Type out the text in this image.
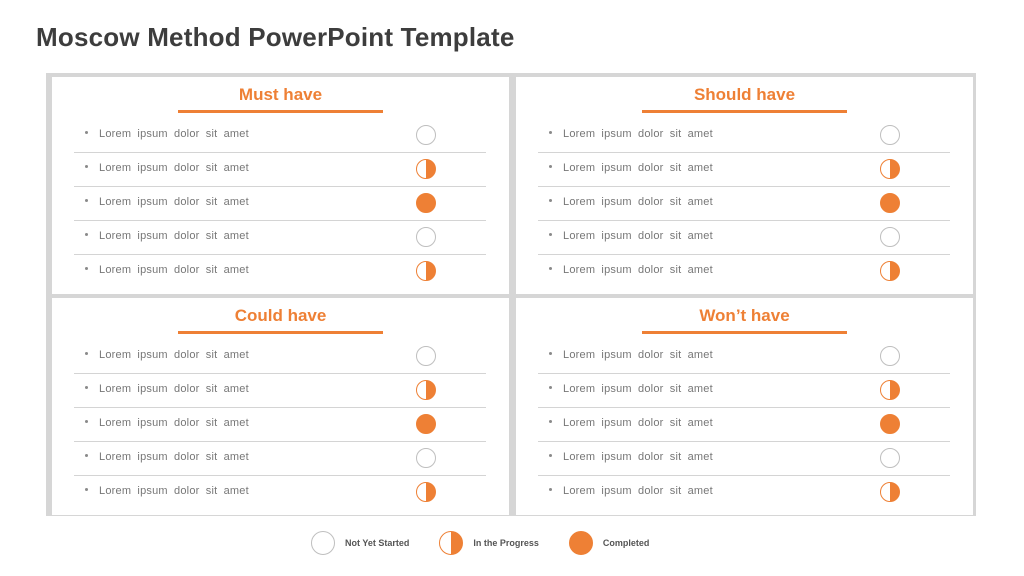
Moscow Method PowerPoint Template
Must have
Lorem ipsum dolor sit amet
Lorem ipsum dolor sit amet
Lorem ipsum dolor sit amet
Lorem ipsum dolor sit amet
Lorem ipsum dolor sit amet
Should have
Lorem ipsum dolor sit amet
Lorem ipsum dolor sit amet
Lorem ipsum dolor sit amet
Lorem ipsum dolor sit amet
Lorem ipsum dolor sit amet
Could have
Lorem ipsum dolor sit amet
Lorem ipsum dolor sit amet
Lorem ipsum dolor sit amet
Lorem ipsum dolor sit amet
Lorem ipsum dolor sit amet
Won’t have
Lorem ipsum dolor sit amet
Lorem ipsum dolor sit amet
Lorem ipsum dolor sit amet
Lorem ipsum dolor sit amet
Lorem ipsum dolor sit amet
Not Yet Started	In the Progress	Completed
